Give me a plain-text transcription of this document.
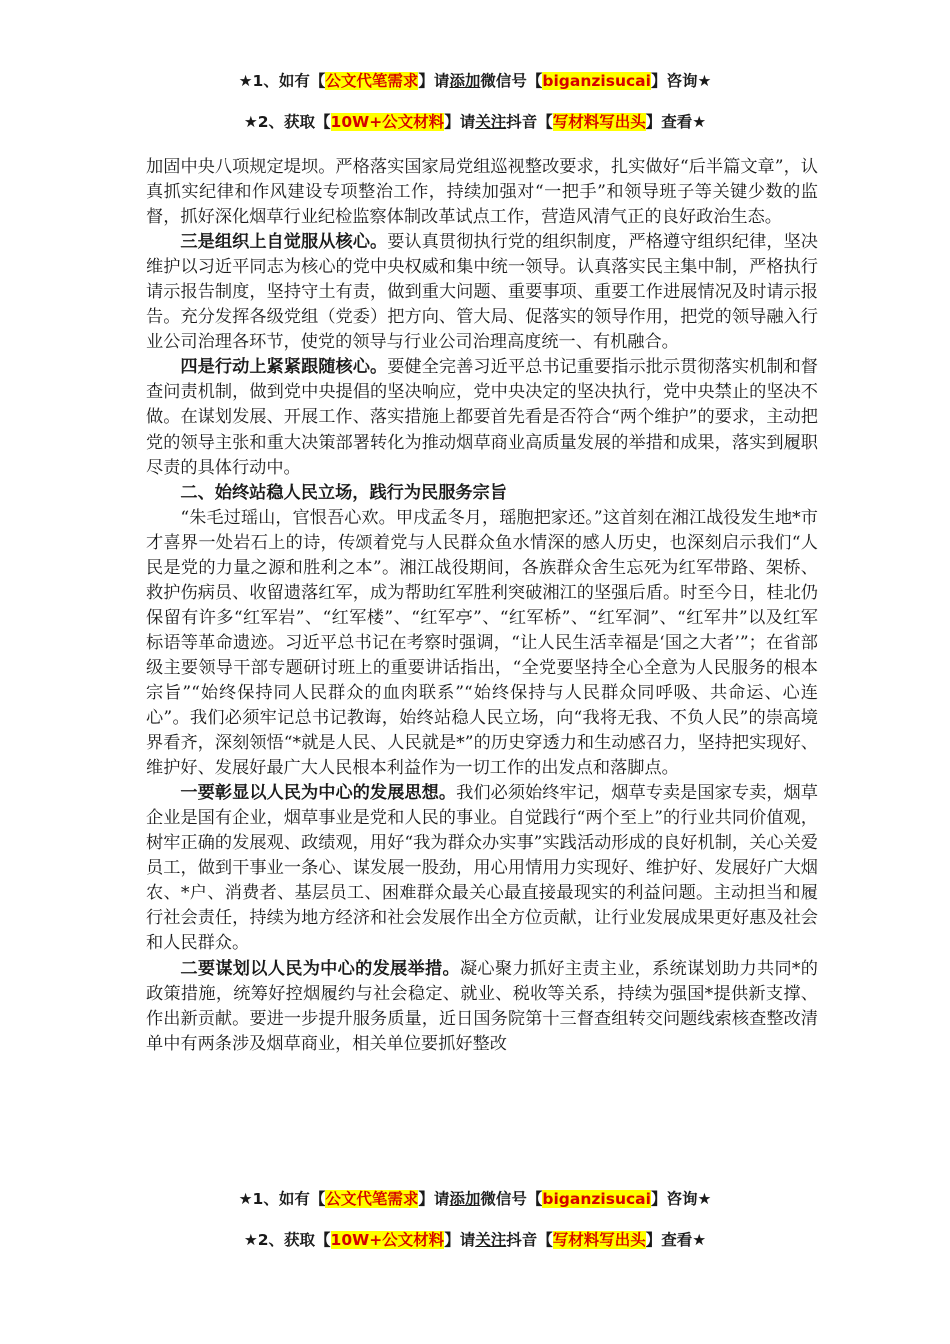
★1、如有【公文代笔需求】请添加微信号【biganzisucai】咨询★
★2、获取【10W+公文材料】请关注抖音【写材料写出头】查看★

加固中央八项规定堤坝。严格落实国家局党组巡视整改要求，扎实做好“后半篇文章”，认真抓实纪律和作风建设专项整治工作，持续加强对“一把手”和领导班子等关键少数的监督，抓好深化烟草行业纪检监察体制改革试点工作，营造风清气正的良好政治生态。

三是组织上自觉服从核心。要认真贯彻执行党的组织制度，严格遵守组织纪律，坚决维护以习近平同志为核心的党中央权威和集中统一领导。认真落实民主集中制，严格执行请示报告制度，坚持守土有责，做到重大问题、重要事项、重要工作进展情况及时请示报告。充分发挥各级党组（党委）把方向、管大局、促落实的领导作用，把党的领导融入行业公司治理各环节，使党的领导与行业公司治理高度统一、有机融合。

四是行动上紧紧跟随核心。要健全完善习近平总书记重要指示批示贯彻落实机制和督查问责机制，做到党中央提倡的坚决响应，党中央决定的坚决执行，党中央禁止的坚决不做。在谋划发展、开展工作、落实措施上都要首先看是否符合“两个维护”的要求，主动把党的领导主张和重大决策部署转化为推动烟草商业高质量发展的举措和成果，落实到履职尽责的具体行动中。

二、始终站稳人民立场，践行为民服务宗旨

“朱毛过瑶山，官恨吾心欢。甲戌孟冬月，瑶胞把家还。”这首刻在湘江战役发生地*市才喜界一处岩石上的诗，传颂着党与人民群众鱼水情深的感人历史，也深刻启示我们“人民是党的力量之源和胜利之本”。湘江战役期间，各族群众舍生忘死为红军带路、架桥、救护伤病员、收留遗落红军，成为帮助红军胜利突破湘江的坚强后盾。时至今日，桂北仍保留有许多“红军岩”、“红军楼”、“红军亭”、“红军桥”、“红军洞”、“红军井”以及红军标语等革命遗迹。习近平总书记在考察时强调，“让人民生活幸福是‘国之大者’”；在省部级主要领导干部专题研讨班上的重要讲话指出，“全党要坚持全心全意为人民服务的根本宗旨”“始终保持同人民群众的血肉联系”“始终保持与人民群众同呼吸、共命运、心连心”。我们必须牢记总书记教诲，始终站稳人民立场，向“我将无我、不负人民”的崇高境界看齐，深刻领悟“*就是人民、人民就是*”的历史穿透力和生动感召力，坚持把实现好、维护好、发展好最广大人民根本利益作为一切工作的出发点和落脚点。

一要彰显以人民为中心的发展思想。我们必须始终牢记，烟草专卖是国家专卖，烟草企业是国有企业，烟草事业是党和人民的事业。自觉践行“两个至上”的行业共同价值观，树牢正确的发展观、政绩观，用好“我为群众办实事”实践活动形成的良好机制，关心关爱员工，做到干事业一条心、谋发展一股劲，用心用情用力实现好、维护好、发展好广大烟农、*户、消费者、基层员工、困难群众最关心最直接最现实的利益问题。主动担当和履行社会责任，持续为地方经济和社会发展作出全方位贡献，让行业发展成果更好惠及社会和人民群众。

二要谋划以人民为中心的发展举措。凝心聚力抓好主责主业，系统谋划助力共同*的政策措施，统筹好控烟履约与社会稳定、就业、税收等关系，持续为强国*提供新支撑、作出新贡献。要进一步提升服务质量，近日国务院第十三督查组转交问题线索核查整改清单中有两条涉及烟草商业，相关单位要抓好整改

★1、如有【公文代笔需求】请添加微信号【biganzisucai】咨询★
★2、获取【10W+公文材料】请关注抖音【写材料写出头】查看★
